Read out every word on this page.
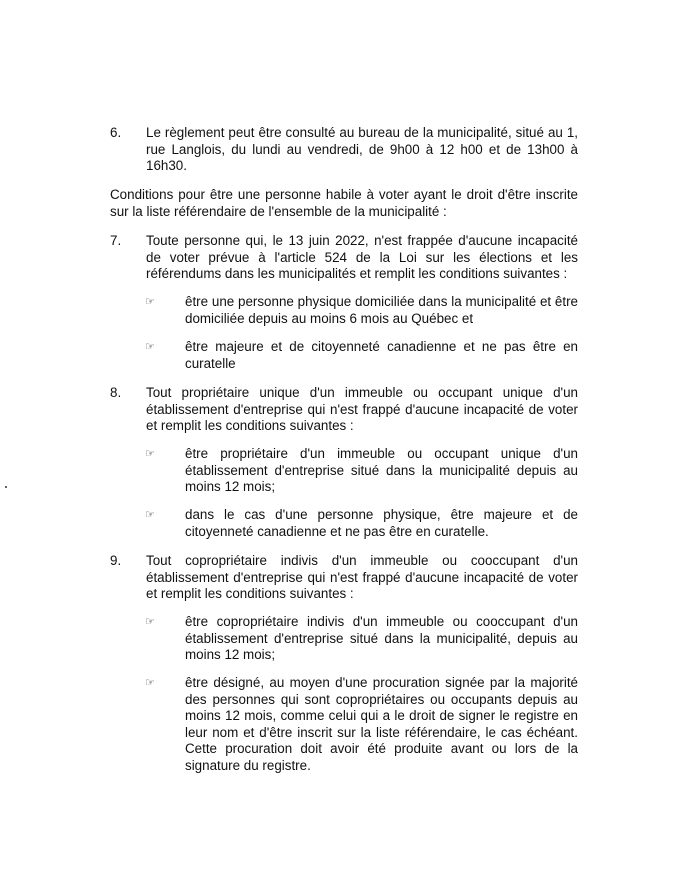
6. Le règlement peut être consulté au bureau de la municipalité, situé au 1, rue Langlois, du lundi au vendredi, de 9h00 à 12 h00 et de 13h00 à 16h30.
Conditions pour être une personne habile à voter ayant le droit d'être inscrite sur la liste référendaire de l'ensemble de la municipalité :
7. Toute personne qui, le 13 juin 2022, n'est frappée d'aucune incapacité de voter prévue à l'article 524 de la Loi sur les élections et les référendums dans les municipalités et remplit les conditions suivantes :
☞ être une personne physique domiciliée dans la municipalité et être domiciliée depuis au moins 6 mois au Québec et
☞ être majeure et de citoyenneté canadienne et ne pas être en curatelle
8. Tout propriétaire unique d'un immeuble ou occupant unique d'un établissement d'entreprise qui n'est frappé d'aucune incapacité de voter et remplit les conditions suivantes :
☞ être propriétaire d'un immeuble ou occupant unique d'un établissement d'entreprise situé dans la municipalité depuis au moins 12 mois;
☞ dans le cas d'une personne physique, être majeure et de citoyenneté canadienne et ne pas être en curatelle.
9. Tout copropriétaire indivis d'un immeuble ou cooccupant d'un établissement d'entreprise qui n'est frappé d'aucune incapacité de voter et remplit les conditions suivantes :
☞ être copropriétaire indivis d'un immeuble ou cooccupant d'un établissement d'entreprise situé dans la municipalité, depuis au moins 12 mois;
☞ être désigné, au moyen d'une procuration signée par la majorité des personnes qui sont copropriétaires ou occupants depuis au moins 12 mois, comme celui qui a le droit de signer le registre en leur nom et d'être inscrit sur la liste référendaire, le cas échéant. Cette procuration doit avoir été produite avant ou lors de la signature du registre.
